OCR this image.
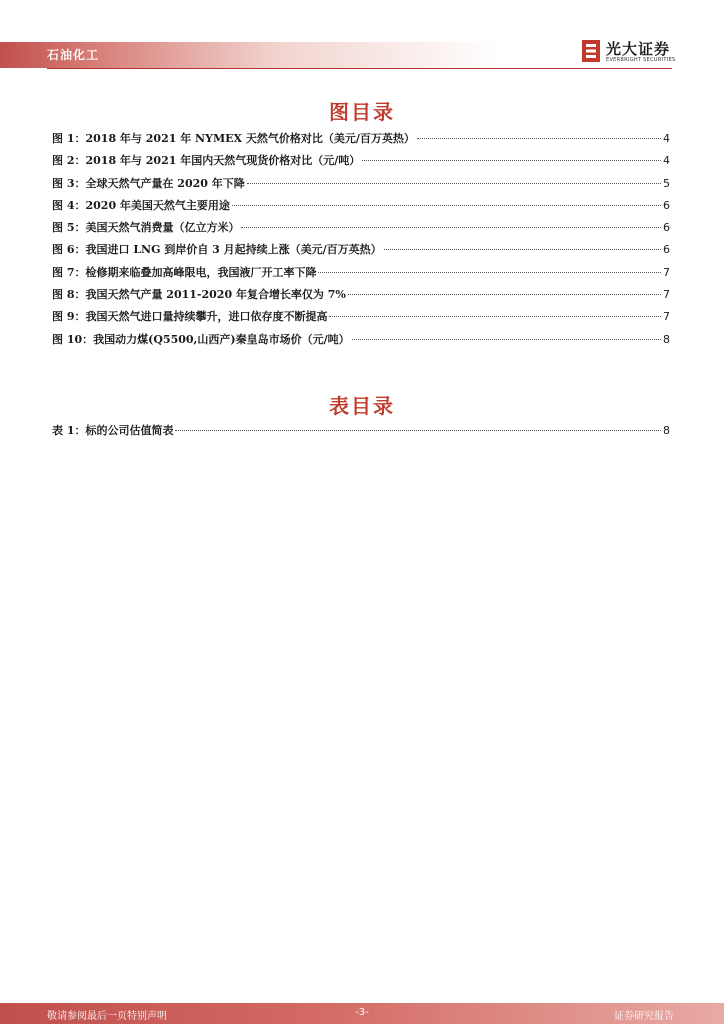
石油化工	光大证券
EVERBRIGHT SECURITIES
图目录
图 1：2018 年与 2021 年 NYMEX 天然气价格对比（美元/百万英热）	4
图 2：2018 年与 2021 年国内天然气现货价格对比（元/吨）	4
图 3：全球天然气产量在 2020 年下降	5
图 4：2020 年美国天然气主要用途	6
图 5：美国天然气消费量（亿立方米）	6
图 6：我国进口 LNG 到岸价自 3 月起持续上涨（美元/百万英热）	6
图 7：检修期来临叠加高峰限电，我国液厂开工率下降	7
图 8：我国天然气产量 2011-2020 年复合增长率仅为 7%	7
图 9：我国天然气进口量持续攀升，进口依存度不断提高	7
图 10：我国动力煤(Q5500,山西产)秦皇岛市场价（元/吨）	8
表目录
表 1：标的公司估值简表	8
敬请参阅最后一页特别声明	-3-	证券研究报告
